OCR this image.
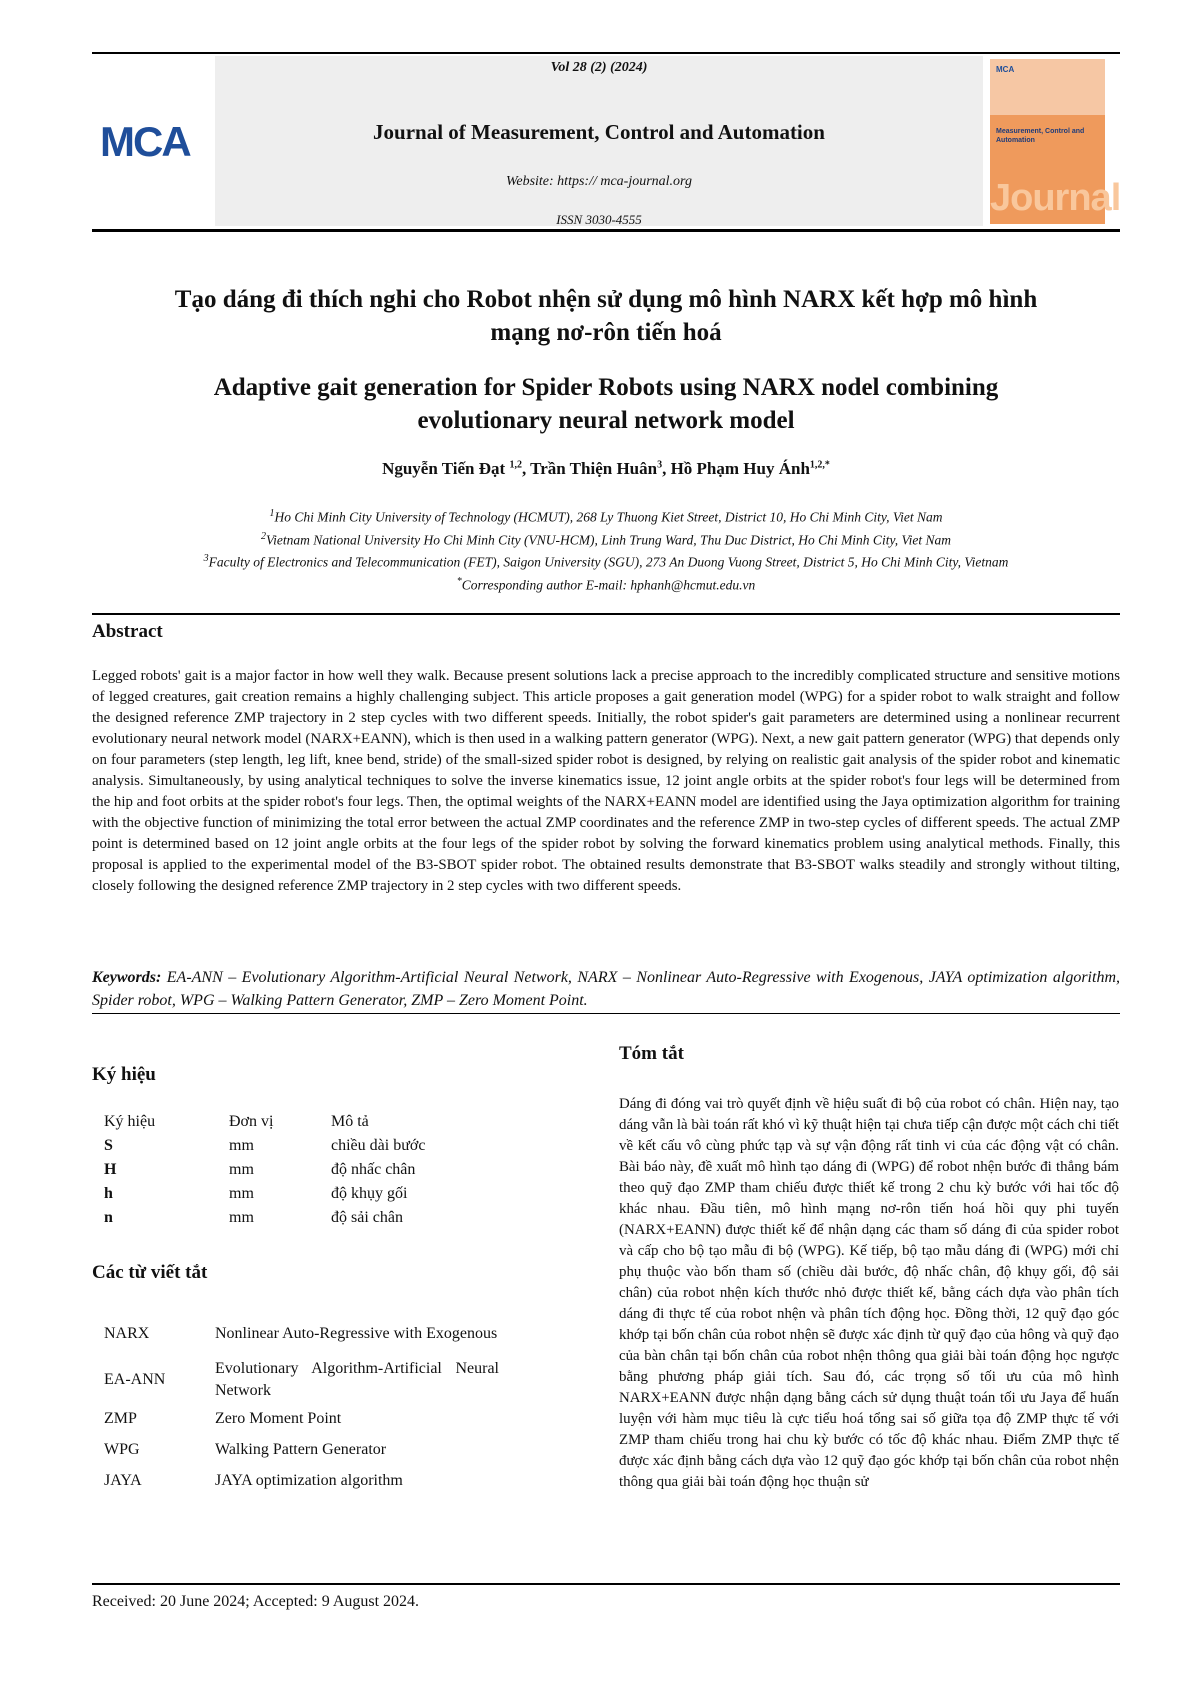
MCA
Vol 28 (2) (2024)
Journal of Measurement, Control and Automation
Website: https:// mca-journal.org
ISSN 3030-4555
MCA
Measurement, Control and Automation
Journal
Tạo dáng đi thích nghi cho Robot nhện sử dụng mô hình NARX kết hợp mô hình
mạng nơ-rôn tiến hoá
Adaptive gait generation for Spider Robots using NARX nodel combining
evolutionary neural network model
Nguyễn Tiến Đạt $^{1,2}$, Trần Thiện Huân$^3$, Hồ Phạm Huy Ánh$^{1,2,*}$
$^1$Ho Chi Minh City University of Technology (HCMUT), 268 Ly Thuong Kiet Street, District 10, Ho Chi Minh City, Viet Nam
$^2$Vietnam National University Ho Chi Minh City (VNU-HCM), Linh Trung Ward, Thu Duc District, Ho Chi Minh City, Viet Nam
$^3$Faculty of Electronics and Telecommunication (FET), Saigon University (SGU), 273 An Duong Vuong Street, District 5, Ho Chi Minh City, Vietnam
*Corresponding author E-mail: hphanh@hcmut.edu.vn
Abstract

Legged robots' gait is a major factor in how well they walk. Because present solutions lack a precise approach to the incredibly complicated structure and sensitive motions of legged creatures, gait creation remains a highly challenging subject. This article proposes a gait generation model (WPG) for a spider robot to walk straight and follow the designed reference ZMP trajectory in 2 step cycles with two different speeds. Initially, the robot spider's gait parameters are determined using a nonlinear recurrent evolutionary neural network model (NARX+EANN), which is then used in a walking pattern generator (WPG). Next, a new gait pattern generator (WPG) that depends only on four parameters (step length, leg lift, knee bend, stride) of the small-sized spider robot is designed, by relying on realistic gait analysis of the spider robot and kinematic analysis. Simultaneously, by using analytical techniques to solve the inverse kinematics issue, 12 joint angle orbits at the spider robot's four legs will be determined from the hip and foot orbits at the spider robot's four legs. Then, the optimal weights of the NARX+EANN model are identified using the Jaya optimization algorithm for training with the objective function of minimizing the total error between the actual ZMP coordinates and the reference ZMP in two-step cycles of different speeds. The actual ZMP point is determined based on 12 joint angle orbits at the four legs of the spider robot by solving the forward kinematics problem using analytical methods. Finally, this proposal is applied to the experimental model of the B3-SBOT spider robot. The obtained results demonstrate that B3-SBOT walks steadily and strongly without tilting, closely following the designed reference ZMP trajectory in 2 step cycles with two different speeds.

Keywords: EA-ANN – Evolutionary Algorithm-Artificial Neural Network, NARX – Nonlinear Auto-Regressive with Exogenous, JAYA optimization algorithm, Spider robot, WPG – Walking Pattern Generator, ZMP – Zero Moment Point.

Ký hiệu
Ký hiệu	Đơn vị	Mô tả
S	mm	chiều dài bước
H	mm	độ nhấc chân
h	mm	độ khụy gối
n	mm	độ sải chân
Các từ viết tắt
NARX	Nonlinear Auto-Regressive with Exogenous
EA-ANN	Evolutionary Algorithm-Artificial Neural Network
ZMP	Zero Moment Point
WPG	Walking Pattern Generator
JAYA	JAYA optimization algorithm
Tóm tắt

Dáng đi đóng vai trò quyết định về hiệu suất đi bộ của robot có chân. Hiện nay, tạo dáng vẫn là bài toán rất khó vì kỹ thuật hiện tại chưa tiếp cận được một cách chi tiết về kết cấu vô cùng phức tạp và sự vận động rất tinh vi của các động vật có chân. Bài báo này, đề xuất mô hình tạo dáng đi (WPG) để robot nhện bước đi thẳng bám theo quỹ đạo ZMP tham chiếu được thiết kế trong 2 chu kỳ bước với hai tốc độ khác nhau. Đầu tiên, mô hình mạng nơ-rôn tiến hoá hồi quy phi tuyến (NARX+EANN) được thiết kế để nhận dạng các tham số dáng đi của spider robot và cấp cho bộ tạo mẫu đi bộ (WPG). Kế tiếp, bộ tạo mẫu dáng đi (WPG) mới chỉ phụ thuộc vào bốn tham số (chiều dài bước, độ nhấc chân, độ khụy gối, độ sải chân) của robot nhện kích thước nhỏ được thiết kế, bằng cách dựa vào phân tích dáng đi thực tế của robot nhện và phân tích động học. Đồng thời, 12 quỹ đạo góc khớp tại bốn chân của robot nhện sẽ được xác định từ quỹ đạo của hông và quỹ đạo của bàn chân tại bốn chân của robot nhện thông qua giải bài toán động học ngược bằng phương pháp giải tích. Sau đó, các trọng số tối ưu của mô hình NARX+EANN được nhận dạng bằng cách sử dụng thuật toán tối ưu Jaya để huấn luyện với hàm mục tiêu là cực tiểu hoá tổng sai số giữa tọa độ ZMP thực tế với ZMP tham chiếu trong hai chu kỳ bước có tốc độ khác nhau. Điểm ZMP thực tế được xác định bằng cách dựa vào 12 quỹ đạo góc khớp tại bốn chân của robot nhện thông qua giải bài toán động học thuận sử

Received: 20 June 2024; Accepted: 9 August 2024.
